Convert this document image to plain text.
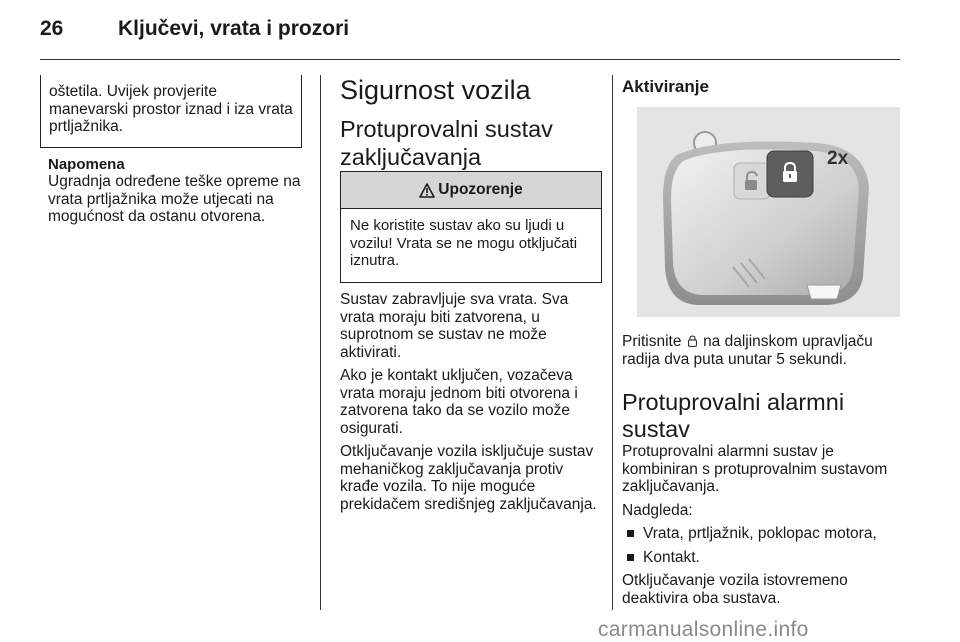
26	Ključevi, vrata i prozori

oštetila. Uvijek provjerite manevarski prostor iznad i iza vrata prtljažnika.

Napomena

Ugradnja određene teške opreme na vrata prtljažnika može utjecati na mogućnost da ostanu otvorena.

Sigurnost vozila
Protuprovalni sustav zaključavanja
Upozorenje
Ne koristite sustav ako su ljudi u vozilu! Vrata se ne mogu otključati iznutra.

Sustav zabravljuje sva vrata. Sva vrata moraju biti zatvorena, u suprotnom se sustav ne može aktivirati.

Ako je kontakt uključen, vozačeva vrata moraju jednom biti otvorena i zatvorena tako da se vozilo može osigurati.

Otključavanje vozila isključuje sustav mehaničkog zaključavanja protiv krađe vozila. To nije moguće prekidačem središnjeg zaključavanja.

Aktiviranje
2x
Pritisnite na daljinskom upravljaču radija dva puta unutar 5 sekundi.
Protuprovalni alarmni sustav

Protuprovalni alarmni sustav je kombiniran s protuprovalnim sustavom zaključavanja.

Nadgleda:

Vrata, prtljažnik, poklopac motora,
Kontakt.

Otključavanje vozila istovremeno deaktivira oba sustava.

carmanualsonline.info
